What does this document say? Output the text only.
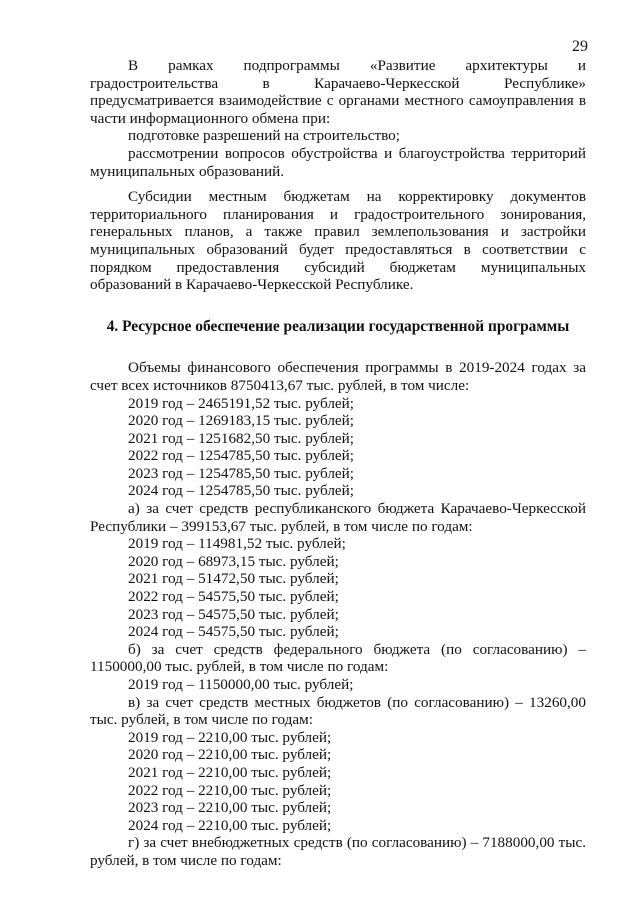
29

В рамках подпрограммы «Развитие архитектуры и градостроительства в Карачаево-Черкесской Республике» предусматривается взаимодействие с органами местного самоуправления в части информационного обмена при:

подготовке разрешений на строительство;

рассмотрении вопросов обустройства и благоустройства территорий муниципальных образований.

Субсидии местным бюджетам на корректировку документов территориального планирования и градостроительного зонирования, генеральных планов, а также правил землепользования и застройки муниципальных образований будет предоставляться в соответствии с порядком предоставления субсидий бюджетам муниципальных образований в Карачаево-Черкесской Республике.

4. Ресурсное обеспечение реализации государственной программы

Объемы финансового обеспечения программы в 2019-2024 годах за счет всех источников 8750413,67 тыс. рублей, в том числе:

2019 год – 2465191,52 тыс. рублей;

2020 год – 1269183,15 тыс. рублей;

2021 год – 1251682,50 тыс. рублей;

2022 год – 1254785,50 тыс. рублей;

2023 год – 1254785,50 тыс. рублей;

2024 год – 1254785,50 тыс. рублей;

а) за счет средств республиканского бюджета Карачаево-Черкесской Республики – 399153,67 тыс. рублей, в том числе по годам:

2019 год – 114981,52 тыс. рублей;

2020 год – 68973,15 тыс. рублей;

2021 год – 51472,50 тыс. рублей;

2022 год – 54575,50 тыс. рублей;

2023 год – 54575,50 тыс. рублей;

2024 год – 54575,50 тыс. рублей;

б) за счет средств федерального бюджета (по согласованию) – 1150000,00 тыс. рублей, в том числе по годам:

2019 год – 1150000,00 тыс. рублей;

в) за счет средств местных бюджетов (по согласованию) – 13260,00 тыс. рублей, в том числе по годам:

2019 год – 2210,00 тыс. рублей;

2020 год – 2210,00 тыс. рублей;

2021 год – 2210,00 тыс. рублей;

2022 год – 2210,00 тыс. рублей;

2023 год – 2210,00 тыс. рублей;

2024 год – 2210,00 тыс. рублей;

г) за счет внебюджетных средств (по согласованию) – 7188000,00 тыс. рублей, в том числе по годам:
